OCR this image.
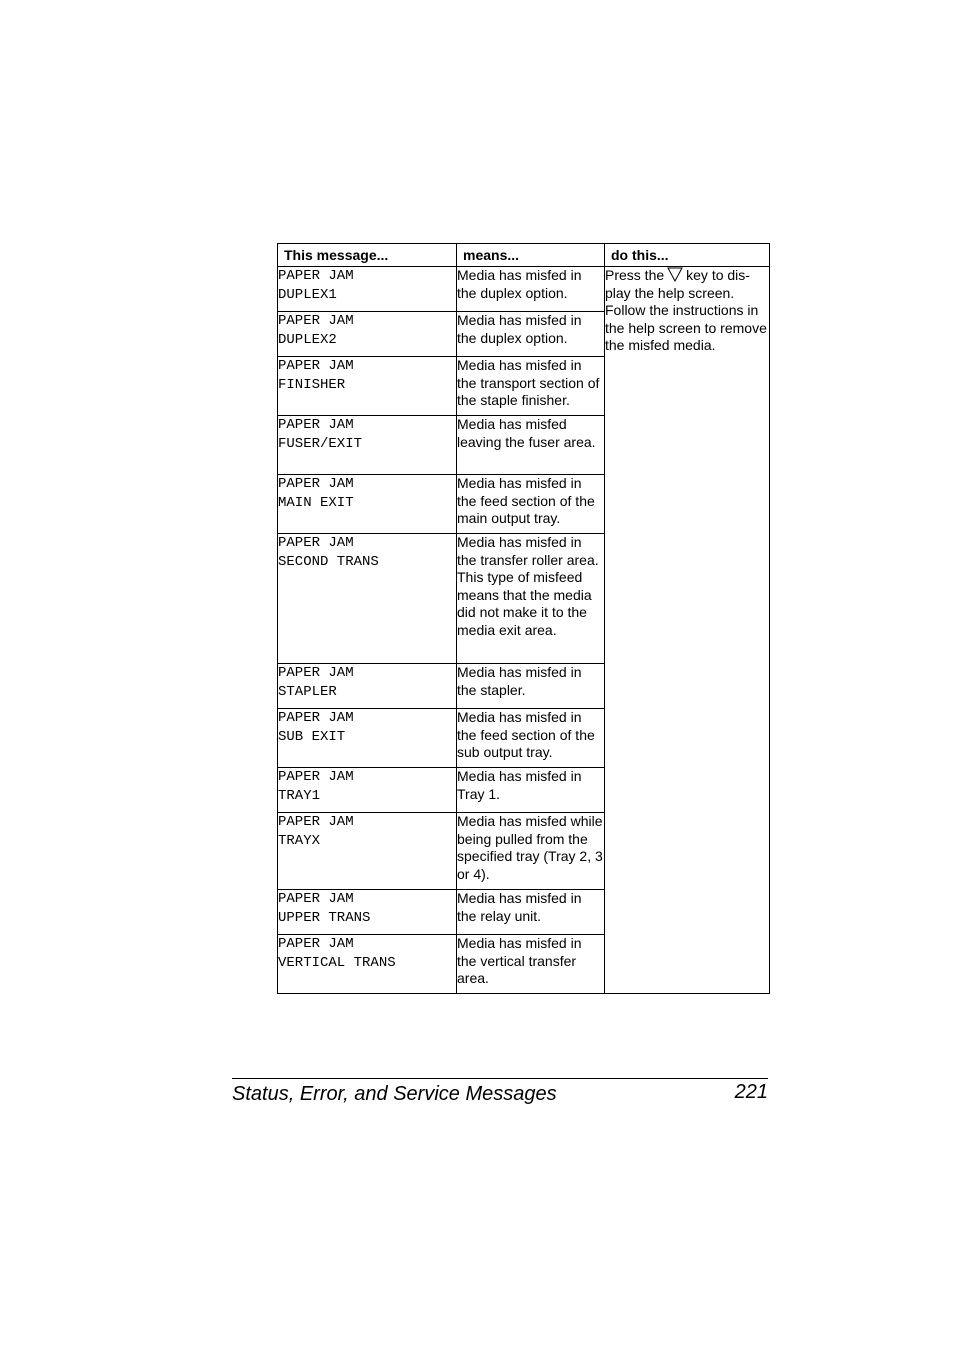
This message...	means...	do this...

PAPER JAM
DUPLEX1	Media has misfed in the duplex option.	Press the key to dis-play the help screen. Follow the instructions in the help screen to remove the misfed media.

PAPER JAM
DUPLEX2	Media has misfed in the duplex option.	

PAPER JAM
FINISHER	Media has misfed in the transport section of the staple finisher.	

PAPER JAM
FUSER/EXIT	Media has misfed leaving the fuser area.	

PAPER JAM
MAIN EXIT	Media has misfed in the feed section of the main output tray.	

PAPER JAM
SECOND TRANS	Media has misfed in the transfer roller area. This type of misfeed means that the media did not make it to the media exit area.	

PAPER JAM
STAPLER	Media has misfed in the stapler.	

PAPER JAM
SUB EXIT	Media has misfed in the feed section of the sub output tray.	

PAPER JAM
TRAY1	Media has misfed in Tray 1.	

PAPER JAM
TRAYX	Media has misfed while being pulled from the specified tray (Tray 2, 3 or 4).	

PAPER JAM
UPPER TRANS	Media has misfed in the relay unit.	

PAPER JAM
VERTICAL TRANS	Media has misfed in the vertical transfer area.	
Status, Error, and Service Messages	221
